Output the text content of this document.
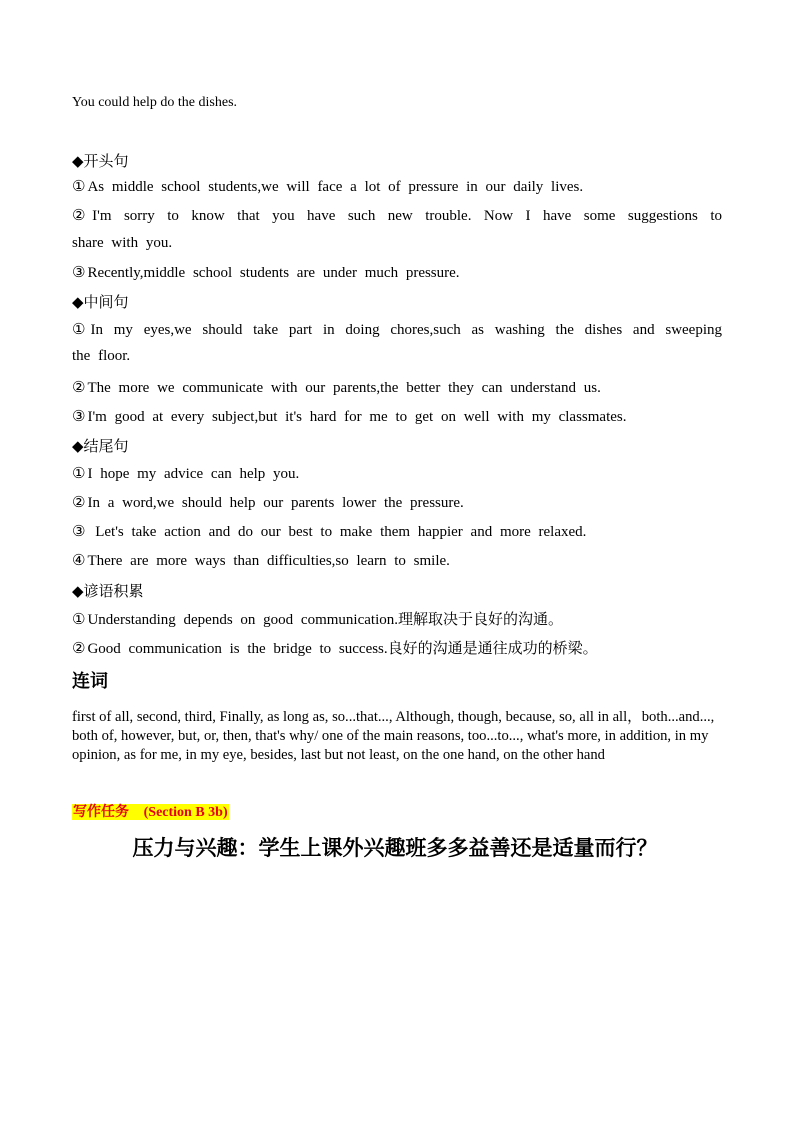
You could help do the dishes.
◆开头句
① As middle school students,we will face a lot of pressure in our daily lives.
② I'm sorry to know that you have such new trouble. Now I have some suggestions to
share with you.
③ Recently,middle school students are under much pressure.
◆中间句
① In my eyes,we should take part in doing chores,such as washing the dishes and sweeping
the floor.
② The more we communicate with our parents,the better they can understand us.
③ I'm good at every subject,but it's hard for me to get on well with my classmates.
◆结尾句
① I hope my advice can help you.
② In a word,we should help our parents lower the pressure.
③ Let's take action and do our best to make them happier and more relaxed.
④ There are more ways than difficulties,so learn to smile.
◆谚语积累
① Understanding depends on good communication.理解取决于良好的沟通。
② Good communication is the bridge to success.良好的沟通是通往成功的桥梁。
连词
first of all, second, third, Finally, as long as, so...that..., Although, though, because, so, all in all，both...and..., both of, however, but, or, then, that's why/ one of the main reasons, too...to..., what's more, in addition, in my opinion, as for me, in my eye, besides, last but not least, on the one hand, on the other hand
写作任务 (Section B 3b)
压力与兴趣：学生上课外兴趣班多多益善还是适量而行？
